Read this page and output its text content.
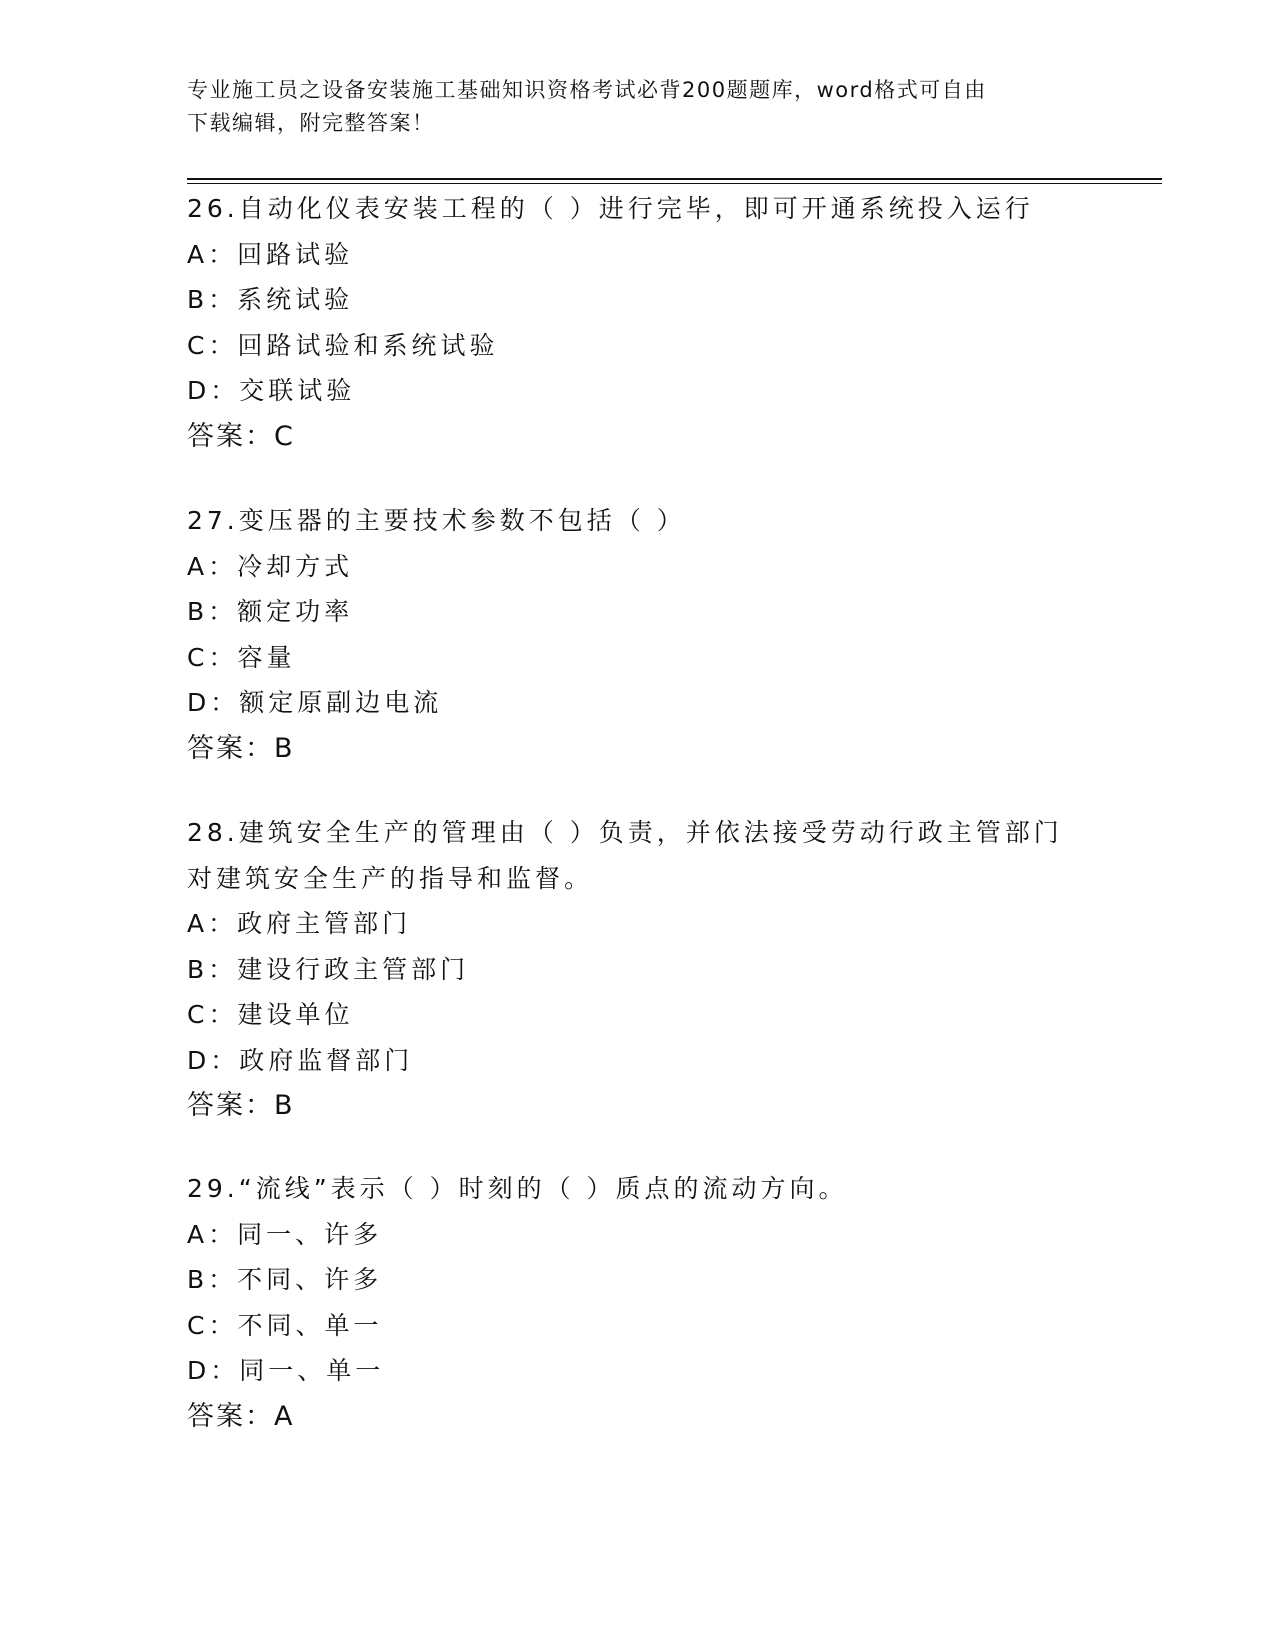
专业施工员之设备安装施工基础知识资格考试必背200题题库，word格式可自由
下载编辑，附完整答案！
26.自动化仪表安装工程的（ ）进行完毕，即可开通系统投入运行
A：回路试验
B：系统试验
C：回路试验和系统试验
D：交联试验
答案：C
27.变压器的主要技术参数不包括（ ）
A：冷却方式
B：额定功率
C：容量
D：额定原副边电流
答案：B
28.建筑安全生产的管理由（ ）负责，并依法接受劳动行政主管部门
对建筑安全生产的指导和监督。
A：政府主管部门
B：建设行政主管部门
C：建设单位
D：政府监督部门
答案：B
29.“流线”表示（ ）时刻的（ ）质点的流动方向。
A：同一、许多
B：不同、许多
C：不同、单一
D：同一、单一
答案：A
